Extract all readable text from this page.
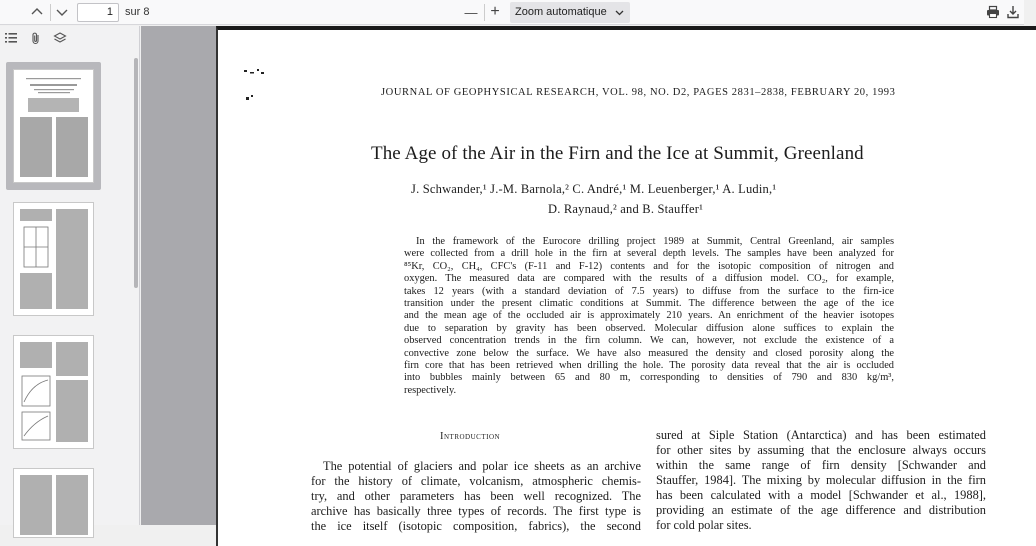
1	sur 8	— +	Zoom automatique
JOURNAL OF GEOPHYSICAL RESEARCH, VOL. 98, NO. D2, PAGES 2831–2838, FEBRUARY 20, 1993
The Age of the Air in the Firn and the Ice at Summit, Greenland
J. Schwander,¹ J.-M. Barnola,² C. André,¹ M. Leuenberger,¹ A. Ludin,¹
D. Raynaud,² and B. Stauffer¹
In the framework of the Eurocore drilling project 1989 at Summit, Central Greenland, air samples
were collected from a drill hole in the firn at several depth levels. The samples have been analyzed for
⁸⁵Kr, CO₂, CH₄, CFC's (F-11 and F-12) contents and for the isotopic composition of nitrogen and
oxygen. The measured data are compared with the results of a diffusion model. CO₂, for example,
takes 12 years (with a standard deviation of 7.5 years) to diffuse from the surface to the firn-ice
transition under the present climatic conditions at Summit. The difference between the age of the ice
and the mean age of the occluded air is approximately 210 years. An enrichment of the heavier isotopes
due to separation by gravity has been observed. Molecular diffusion alone suffices to explain the
observed concentration trends in the firn column. We can, however, not exclude the existence of a
convective zone below the surface. We have also measured the density and closed porosity along the
firn core that has been retrieved when drilling the hole. The porosity data reveal that the air is occluded
into bubbles mainly between 65 and 80 m, corresponding to densities of 790 and 830 kg/m³,
respectively.
Introduction
The potential of glaciers and polar ice sheets as an archive
for the history of climate, volcanism, atmospheric chemis-
try, and other parameters has been well recognized. The
archive has basically three types of records. The first type is
the ice itself (isotopic composition, fabrics), the second
sured at Siple Station (Antarctica) and has been estimated
for other sites by assuming that the enclosure always occurs
within the same range of firn density [Schwander and
Stauffer, 1984]. The mixing by molecular diffusion in the firn
has been calculated with a model [Schwander et al., 1988],
providing an estimate of the age difference and distribution
for cold polar sites.
